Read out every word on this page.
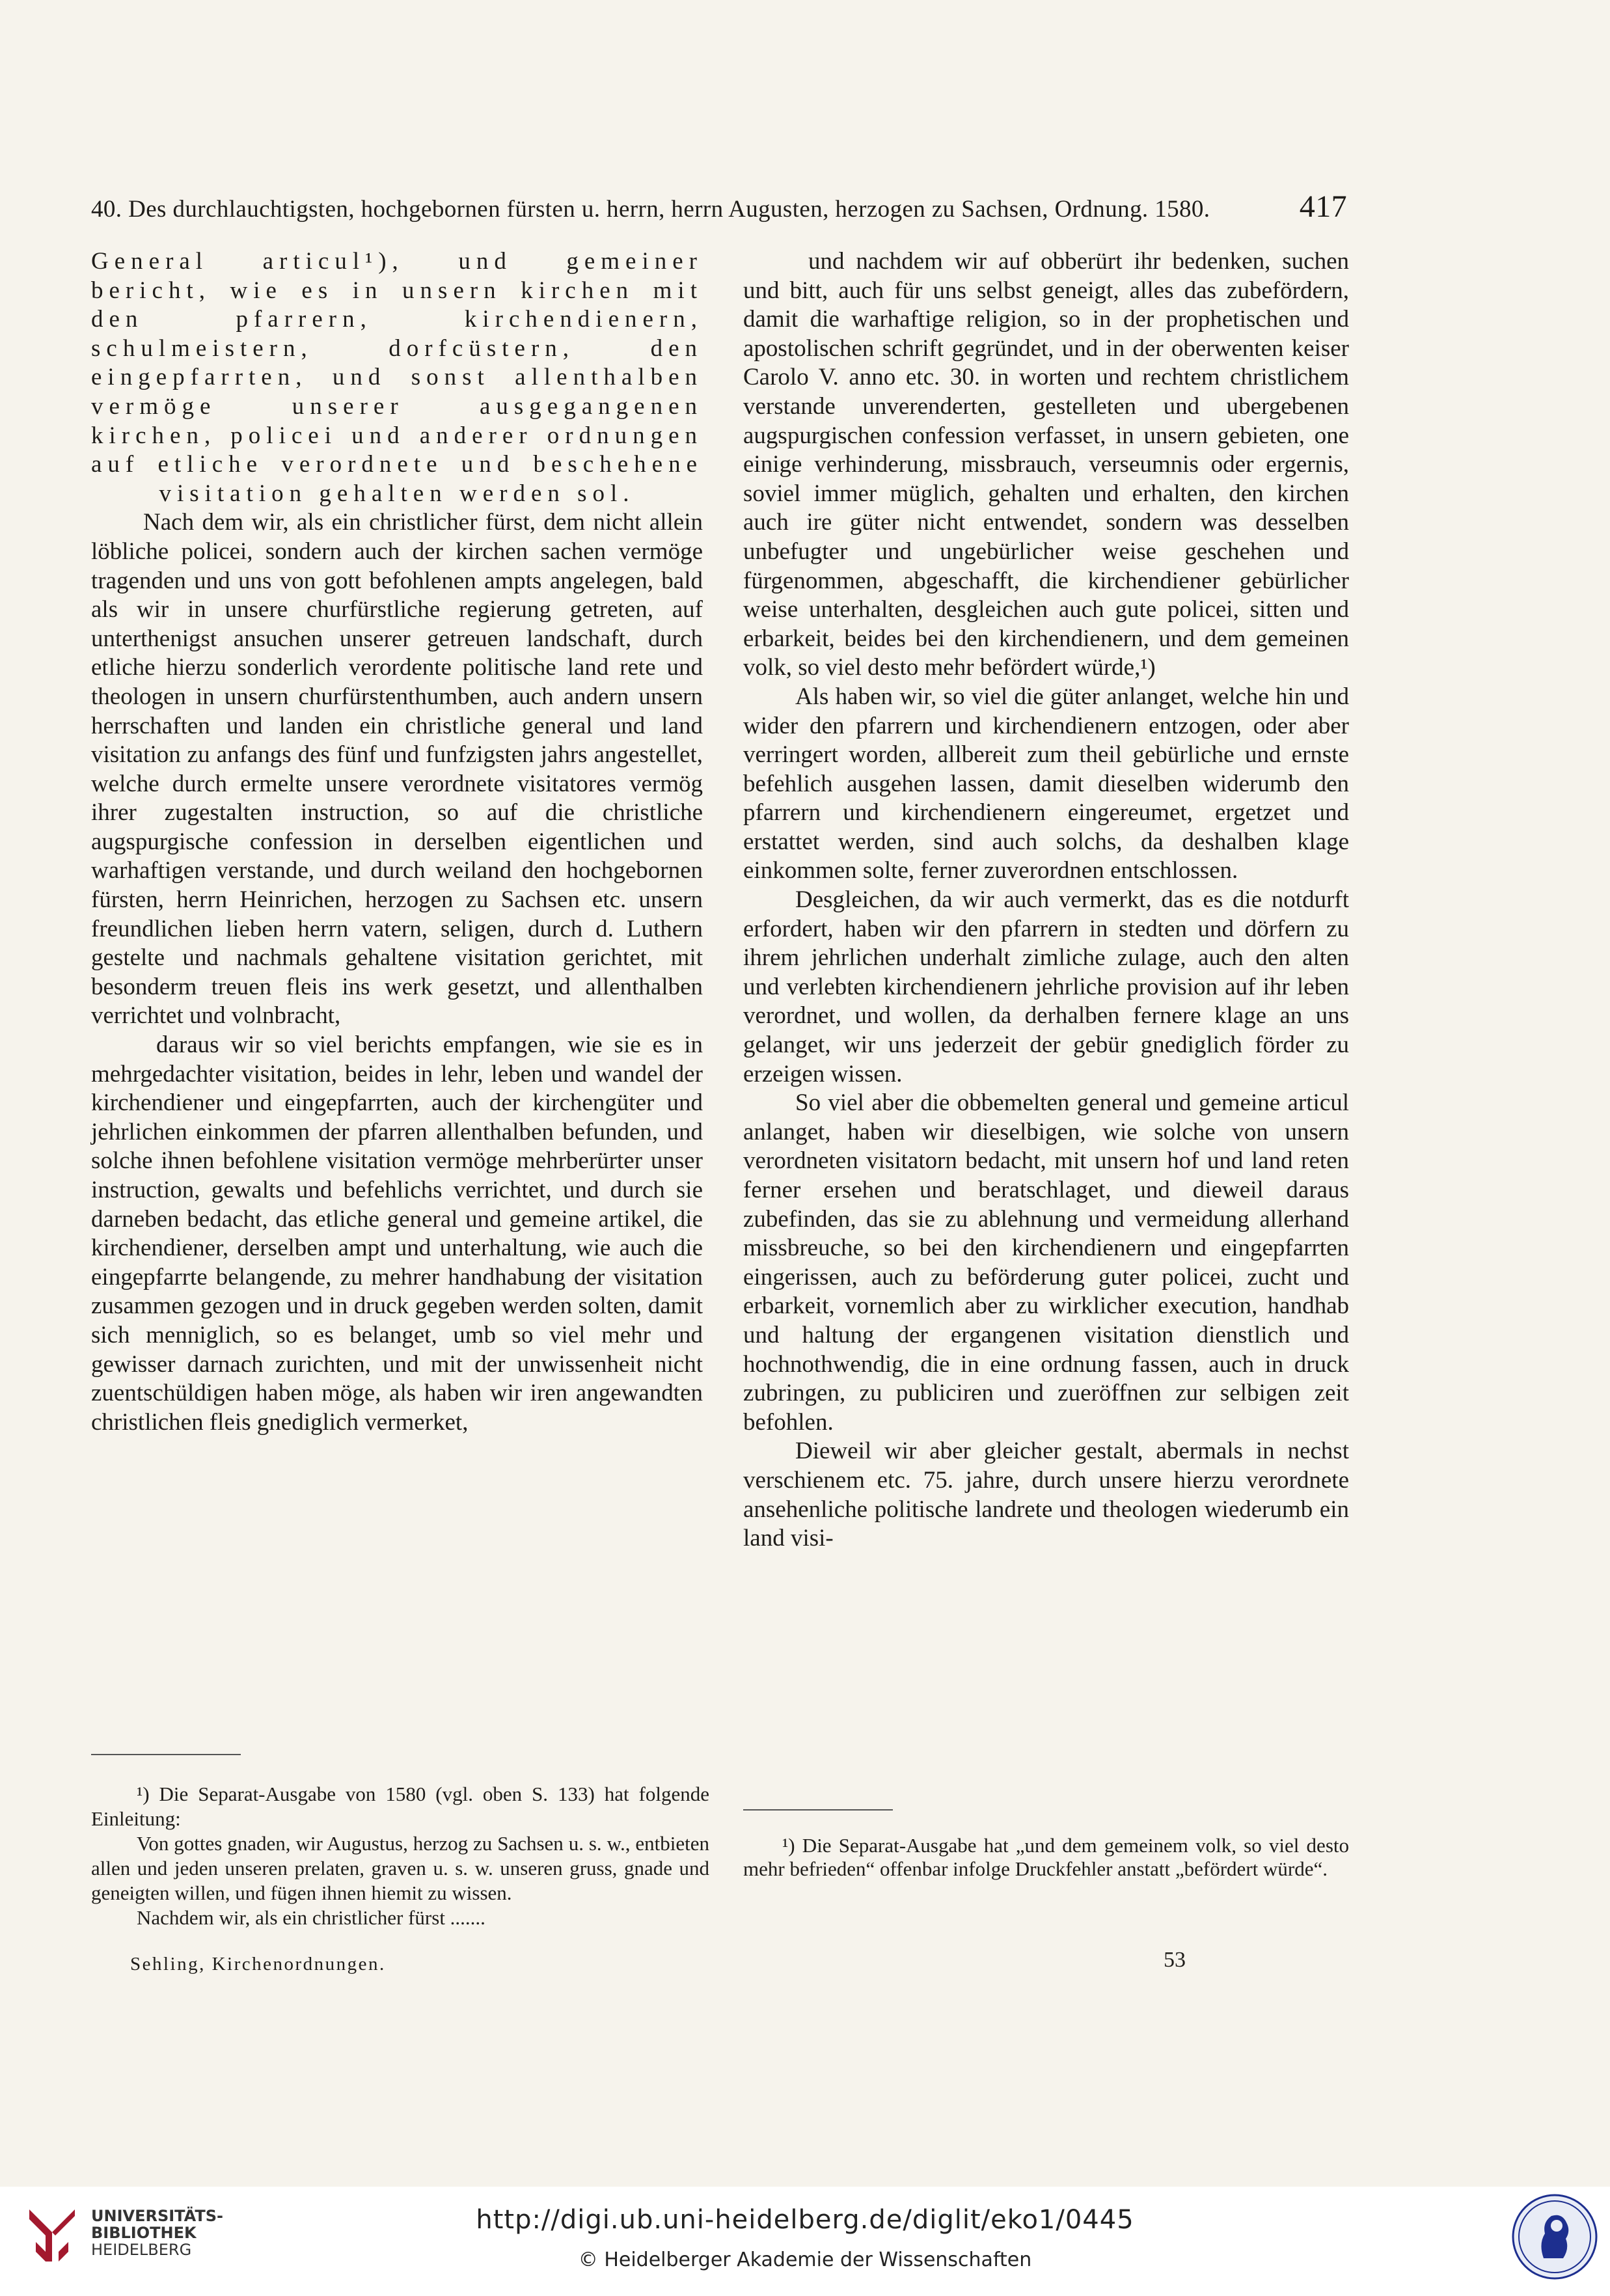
40. Des durchlauchtigsten, hochgebornen fürsten u. herrn, herrn Augusten, herzogen zu Sachsen, Ordnung. 1580.	417

General articul¹), und gemeiner bericht, wie es in unsern kirchen mit den pfarrern, kirchendienern, schulmeistern, dorfcüstern, den eingepfarrten, und sonst allenthalben vermöge unserer ausgegangenen kirchen, policei und anderer ordnungen auf etliche verordnete und beschehene visitation gehalten werden sol.

Nach dem wir, als ein christlicher fürst, dem nicht allein löbliche policei, sondern auch der kirchen sachen vermöge tragenden und uns von gott befohlenen ampts angelegen, bald als wir in unsere churfürstliche regierung getreten, auf unterthenigst ansuchen unserer getreuen landschaft, durch etliche hierzu sonderlich verordente politische land rete und theologen in unsern churfürstenthumben, auch andern unsern herrschaften und landen ein christliche general und land visitation zu anfangs des fünf und funfzigsten jahrs angestellet, welche durch ermelte unsere verordnete visitatores vermög ihrer zugestalten instruction, so auf die christliche augspurgische confession in derselben eigentlichen und warhaftigen verstande, und durch weiland den hochgebornen fürsten, herrn Heinrichen, herzogen zu Sachsen etc. unsern freundlichen lieben herrn vatern, seligen, durch d. Luthern gestelte und nachmals gehaltene visitation gerichtet, mit besonderm treuen fleis ins werk gesetzt, und allenthalben verrichtet und volnbracht,

daraus wir so viel berichts empfangen, wie sie es in mehrgedachter visitation, beides in lehr, leben und wandel der kirchendiener und eingepfarrten, auch der kirchengüter und jehrlichen einkommen der pfarren allenthalben befunden, und solche ihnen befohlene visitation vermöge mehrberürter unser instruction, gewalts und befehlichs verrichtet, und durch sie darneben bedacht, das etliche general und gemeine artikel, die kirchendiener, derselben ampt und unterhaltung, wie auch die eingepfarrte belangende, zu mehrer handhabung der visitation zusammen gezogen und in druck gegeben werden solten, damit sich menniglich, so es belanget, umb so viel mehr und gewisser darnach zurichten, und mit der unwissenheit nicht zuentschüldigen haben möge, als haben wir iren angewandten christlichen fleis gnediglich vermerket,

und nachdem wir auf obberürt ihr bedenken, suchen und bitt, auch für uns selbst geneigt, alles das zubefördern, damit die warhaftige religion, so in der prophetischen und apostolischen schrift gegründet, und in der oberwenten keiser Carolo V. anno etc. 30. in worten und rechtem christlichem verstande unverenderten, gestelleten und ubergebenen augspurgischen confession verfasset, in unsern gebieten, one einige verhinderung, missbrauch, verseumnis oder ergernis, soviel immer müglich, gehalten und erhalten, den kirchen auch ire güter nicht entwendet, sondern was desselben unbefugter und ungebürlicher weise geschehen und fürgenommen, abgeschafft, die kirchendiener gebürlicher weise unterhalten, desgleichen auch gute policei, sitten und erbarkeit, beides bei den kirchendienern, und dem gemeinen volk, so viel desto mehr befördert würde,¹)

Als haben wir, so viel die güter anlanget, welche hin und wider den pfarrern und kirchendienern entzogen, oder aber verringert worden, allbereit zum theil gebürliche und ernste befehlich ausgehen lassen, damit dieselben widerumb den pfarrern und kirchendienern eingereumet, ergetzet und erstattet werden, sind auch solchs, da deshalben klage einkommen solte, ferner zuverordnen entschlossen.

Desgleichen, da wir auch vermerkt, das es die notdurft erfordert, haben wir den pfarrern in stedten und dörfern zu ihrem jehrlichen underhalt zimliche zulage, auch den alten und verlebten kirchendienern jehrliche provision auf ihr leben verordnet, und wollen, da derhalben fernere klage an uns gelanget, wir uns jederzeit der gebür gnediglich förder zu erzeigen wissen.

So viel aber die obbemelten general und gemeine articul anlanget, haben wir dieselbigen, wie solche von unsern verordneten visitatorn bedacht, mit unsern hof und land reten ferner ersehen und beratschlaget, und dieweil daraus zubefinden, das sie zu ablehnung und vermeidung allerhand missbreuche, so bei den kirchendienern und eingepfarrten eingerissen, auch zu beförderung guter policei, zucht und erbarkeit, vornemlich aber zu wirklicher execution, handhab und haltung der ergangenen visitation dienstlich und hochnothwendig, die in eine ordnung fassen, auch in druck zubringen, zu publiciren und zueröffnen zur selbigen zeit befohlen.

Dieweil wir aber gleicher gestalt, abermals in nechst verschienem etc. 75. jahre, durch unsere hierzu verordnete ansehenliche politische landrete und theologen wiederumb ein land visi-

¹) Die Separat-Ausgabe von 1580 (vgl. oben S. 133) hat folgende Einleitung:

Von gottes gnaden, wir Augustus, herzog zu Sachsen u. s. w., entbieten allen und jeden unseren prelaten, graven u. s. w. unseren gruss, gnade und geneigten willen, und fügen ihnen hiemit zu wissen.

Nachdem wir, als ein christlicher fürst .......

¹) Die Separat-Ausgabe hat „und dem gemeinem volk, so viel desto mehr befrieden“ offenbar infolge Druckfehler anstatt „befördert würde“.

Sehling, Kirchenordnungen.	53
UNIVERSITÄTS-
BIBLIOTHEK
HEIDELBERG
http://digi.ub.uni-heidelberg.de/diglit/eko1/0445
© Heidelberger Akademie der Wissenschaften
